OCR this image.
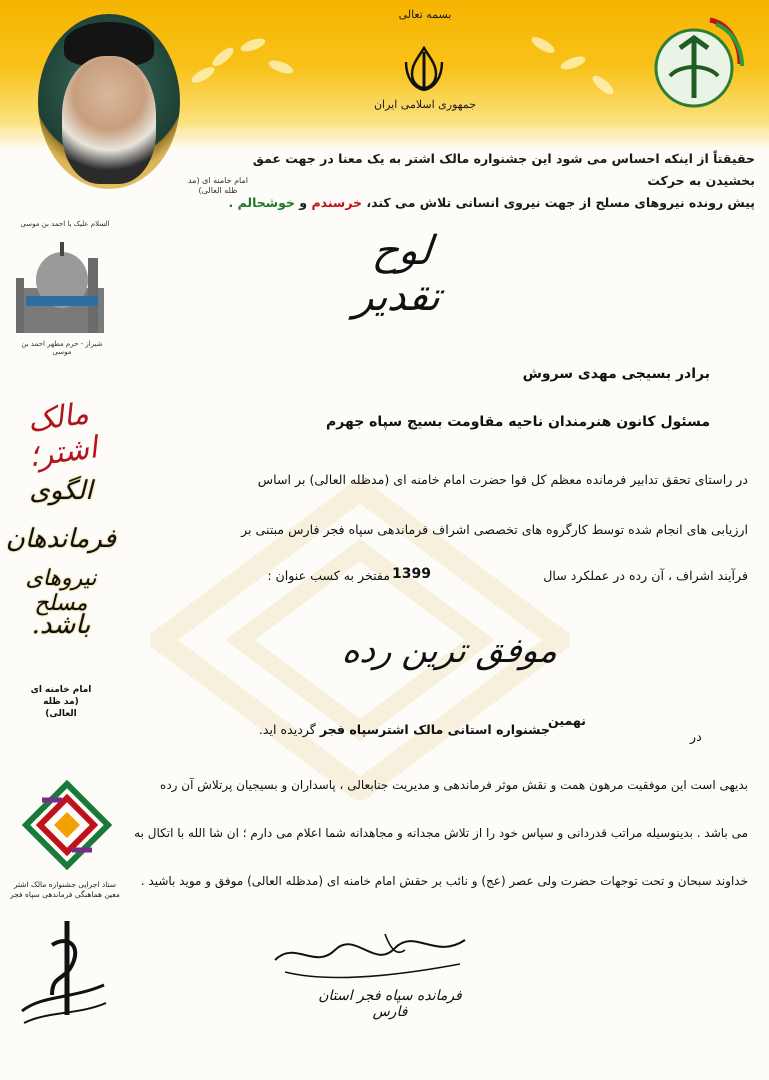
امام خامنه ای (مد ظله العالی)
بسمه تعالی
جمهوری اسلامی ایران
حقیقتاً از اینکه احساس می شود این جشنواره مالک اشتر به یک معنا در جهت عمق بخشیدن به حرکت
پیش رونده نیروهای مسلح از جهت نیروی انسانی تلاش می کند، خرسندم و خوشحالم .
السلام علیک یا احمد بن موسی
شیراز - حرم مطهر احمد بن موسی
مالک اشتر؛
الگوی
فرماندهان
نیروهای مسلح
باشد.
امام خامنه ای (مد ظله العالی)
ستاد اجرایی جشنواره مالک اشتر معین هماهنگی فرماندهی سپاه فجر
لوح تقدیر
برادر بسیجی مهدی سروش
مسئول کانون هنرمندان ناحیه مقاومت بسیج سپاه جهرم
در راستای تحقق تدابیر فرمانده معظم کل قوا حضرت امام خامنه ای (مدظله العالی) بر اساس
ارزیابی های انجام شده توسط کارگروه های تخصصی اشراف فرماندهی سپاه فجر فارس مبتنی بر
فرآیند اشراف ، آن رده در عملکرد سال
1399
مفتخر به کسب عنوان :
موفق ترین رده
نهمین
در
جشنواره استانی مالک اشترسپاه فجر گردیده اید.
بدیهی است این موفقیت مرهون همت و نقش موثر فرماندهی و مدیریت جنابعالی ، پاسداران و بسیجیان پرتلاش آن رده
می باشد . بدینوسیله مراتب قدردانی و سپاس خود را از تلاش مجدانه و مجاهدانه شما اعلام می دارم ؛ ان شا الله با اتکال به
خداوند سبحان و تحت توجهات حضرت ولی عصر (عج) و نائب بر حقش امام خامنه ای (مدظله العالی) موفق و موید باشید .
فرمانده سپاه فجر استان فارس
